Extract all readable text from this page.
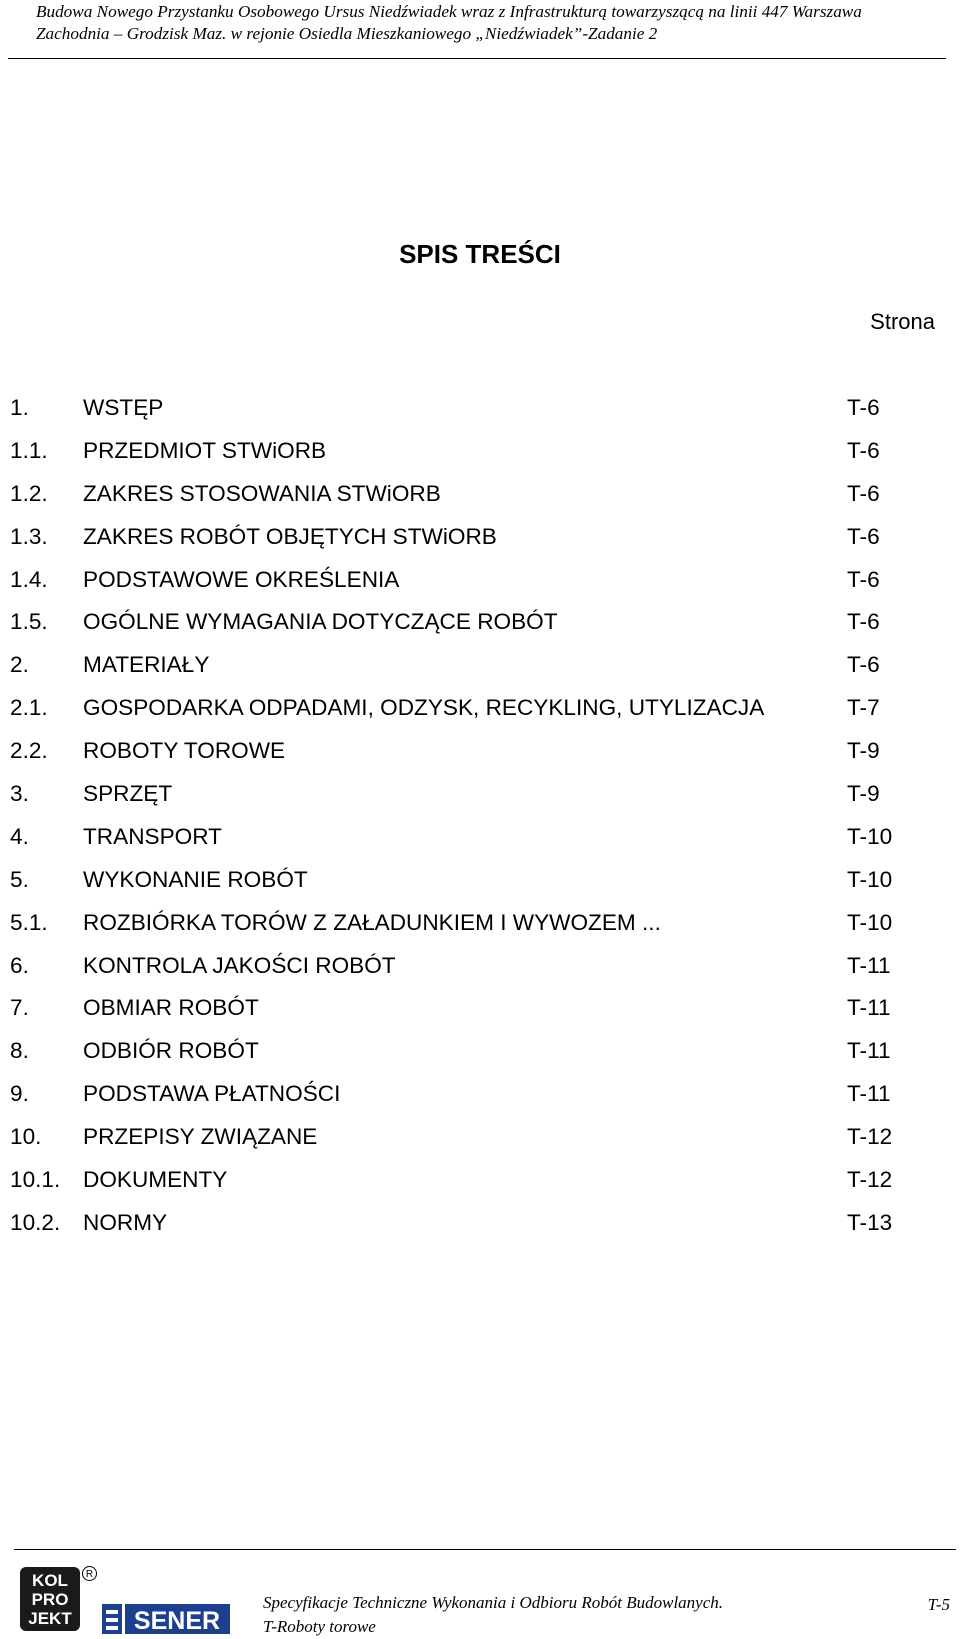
Budowa Nowego Przystanku Osobowego Ursus Niedźwiadek wraz z Infrastrukturą towarzyszącą na linii 447 Warszawa
Zachodnia – Grodzisk Maz. w rejonie Osiedla Mieszkaniowego „Niedźwiadek”-Zadanie 2
SPIS TREŚCI
Strona
1. WSTĘP	T-6
1.1. PRZEDMIOT STWiORB	T-6
1.2. ZAKRES STOSOWANIA STWiORB	T-6
1.3. ZAKRES ROBÓT OBJĘTYCH STWiORB	T-6
1.4. PODSTAWOWE OKREŚLENIA	T-6
1.5. OGÓLNE WYMAGANIA DOTYCZĄCE ROBÓT	T-6
2. MATERIAŁY	T-6
2.1. GOSPODARKA ODPADAMI, ODZYSK, RECYKLING, UTYLIZACJA	T-7
2.2. ROBOTY TOROWE	T-9
3. SPRZĘT	T-9
4. TRANSPORT	T-10
5. WYKONANIE ROBÓT	T-10
5.1. ROZBIÓRKA TORÓW Z ZAŁADUNKIEM I WYWOZEM ...	T-10
6. KONTROLA JAKOŚCI ROBÓT	T-11
7. OBMIAR ROBÓT	T-11
8. ODBIÓR ROBÓT	T-11
9. PODSTAWA PŁATNOŚCI	T-11
10. PRZEPISY ZWIĄZANE	T-12
10.1. DOKUMENTY	T-12
10.2. NORMY	T-13
KOL
PRO
JEKT
R
SENER
Specyfikacje Techniczne Wykonania i Odbioru Robót Budowlanych.
T-Roboty torowe
T-5
